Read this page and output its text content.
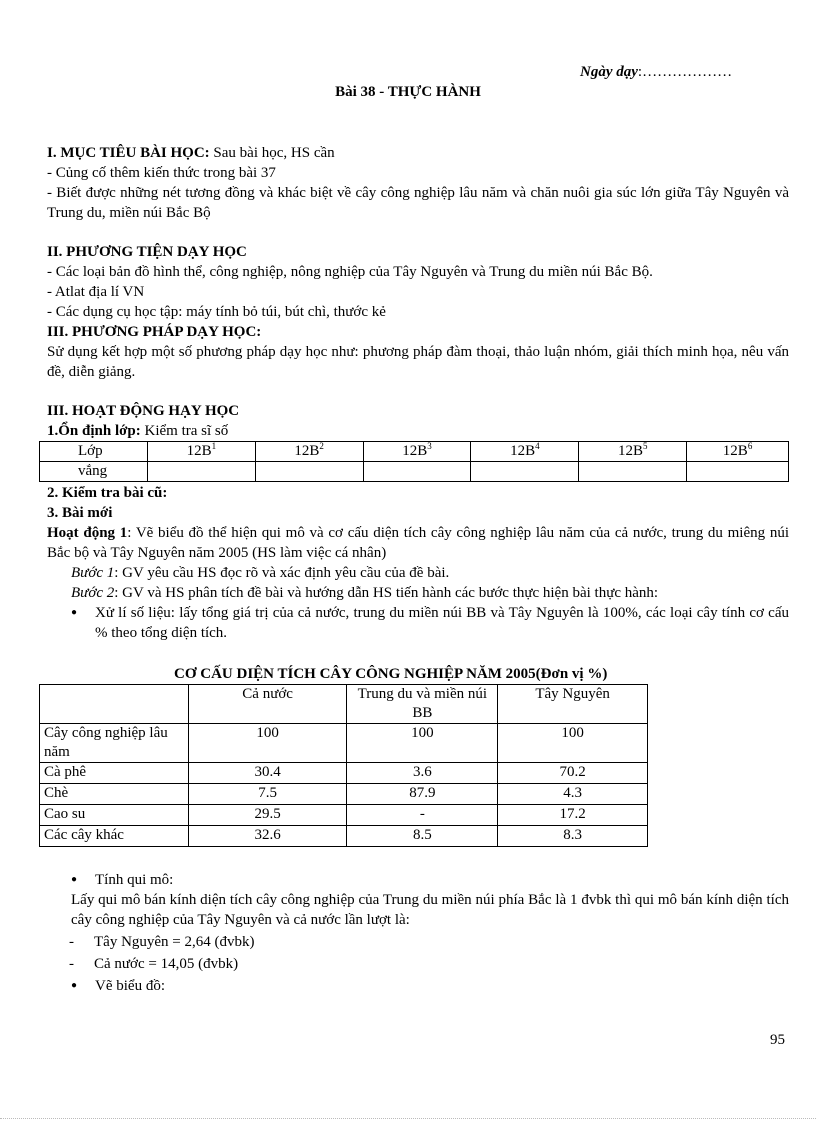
Ngày dạy:………………
Bài 38 - THỰC HÀNH
I. MỤC TIÊU BÀI HỌC: Sau bài học, HS cần
- Củng cố thêm kiến thức trong bài 37
- Biết được những nét tương đồng và khác biệt về cây công nghiệp lâu năm và chăn nuôi gia súc lớn giữa Tây Nguyên và Trung du, miền núi Bắc Bộ
II. PHƯƠNG TIỆN DẠY HỌC
- Các loại bản đồ hình thể, công nghiệp, nông nghiệp của Tây Nguyên và Trung du miền núi Bắc Bộ.
- Atlat địa lí VN
- Các dụng cụ học tập: máy tính bỏ túi, bút chì, thước kẻ
III. PHƯƠNG PHÁP DẠY HỌC:
Sử dụng kết hợp một số phương pháp dạy học như: phương pháp đàm thoại, thảo luận nhóm, giải thích minh họa, nêu vấn đề, diễn giảng.
III. HOẠT ĐỘNG HẠY HỌC
1.Ổn định lớp: Kiểm tra sĩ số
Lớp	$12B^1$	$12B^2$	$12B^3$	$12B^4$	$12B^5$	$12B^6$
vắng						
2. Kiểm tra bài cũ:
3. Bài mới
Hoạt động 1: Vẽ biểu đồ thể hiện qui mô và cơ cấu diện tích cây công nghiệp lâu năm của cả nước, trung du miêng núi Bắc bộ và Tây Nguyên năm 2005 (HS làm việc cá nhân)
Bước 1: GV yêu cầu HS đọc rõ và xác định yêu cầu của đề bài.
Bước 2: GV và HS phân tích đề bài và hướng dẫn HS tiến hành các bước thực hiện bài thực hành:
● Xử lí số liệu: lấy tổng giá trị của cả nước, trung du miền núi BB và Tây Nguyên là 100%, các loại cây tính cơ cấu % theo tổng diện tích.
CƠ CẤU DIỆN TÍCH CÂY CÔNG NGHIỆP NĂM 2005(Đơn vị %)
	Cả nước	Trung du và miền núi BB	Tây Nguyên
Cây công nghiệp lâu năm	100	100	100
Cà phê	30.4	3.6	70.2
Chè	7.5	87.9	4.3
Cao su	29.5	-	17.2
Các cây khác	32.6	8.5	8.3
● Tính qui mô:
Lấy qui mô bán kính diện tích cây công nghiệp của Trung du miền núi phía Bắc là 1 đvbk thì qui mô bán kính diện tích cây công nghiệp của Tây Nguyên và cả nước lần lượt là:
- Tây Nguyên = 2,64 (đvbk)
- Cả nước = 14,05 (đvbk)
● Vẽ biểu đồ:
95
